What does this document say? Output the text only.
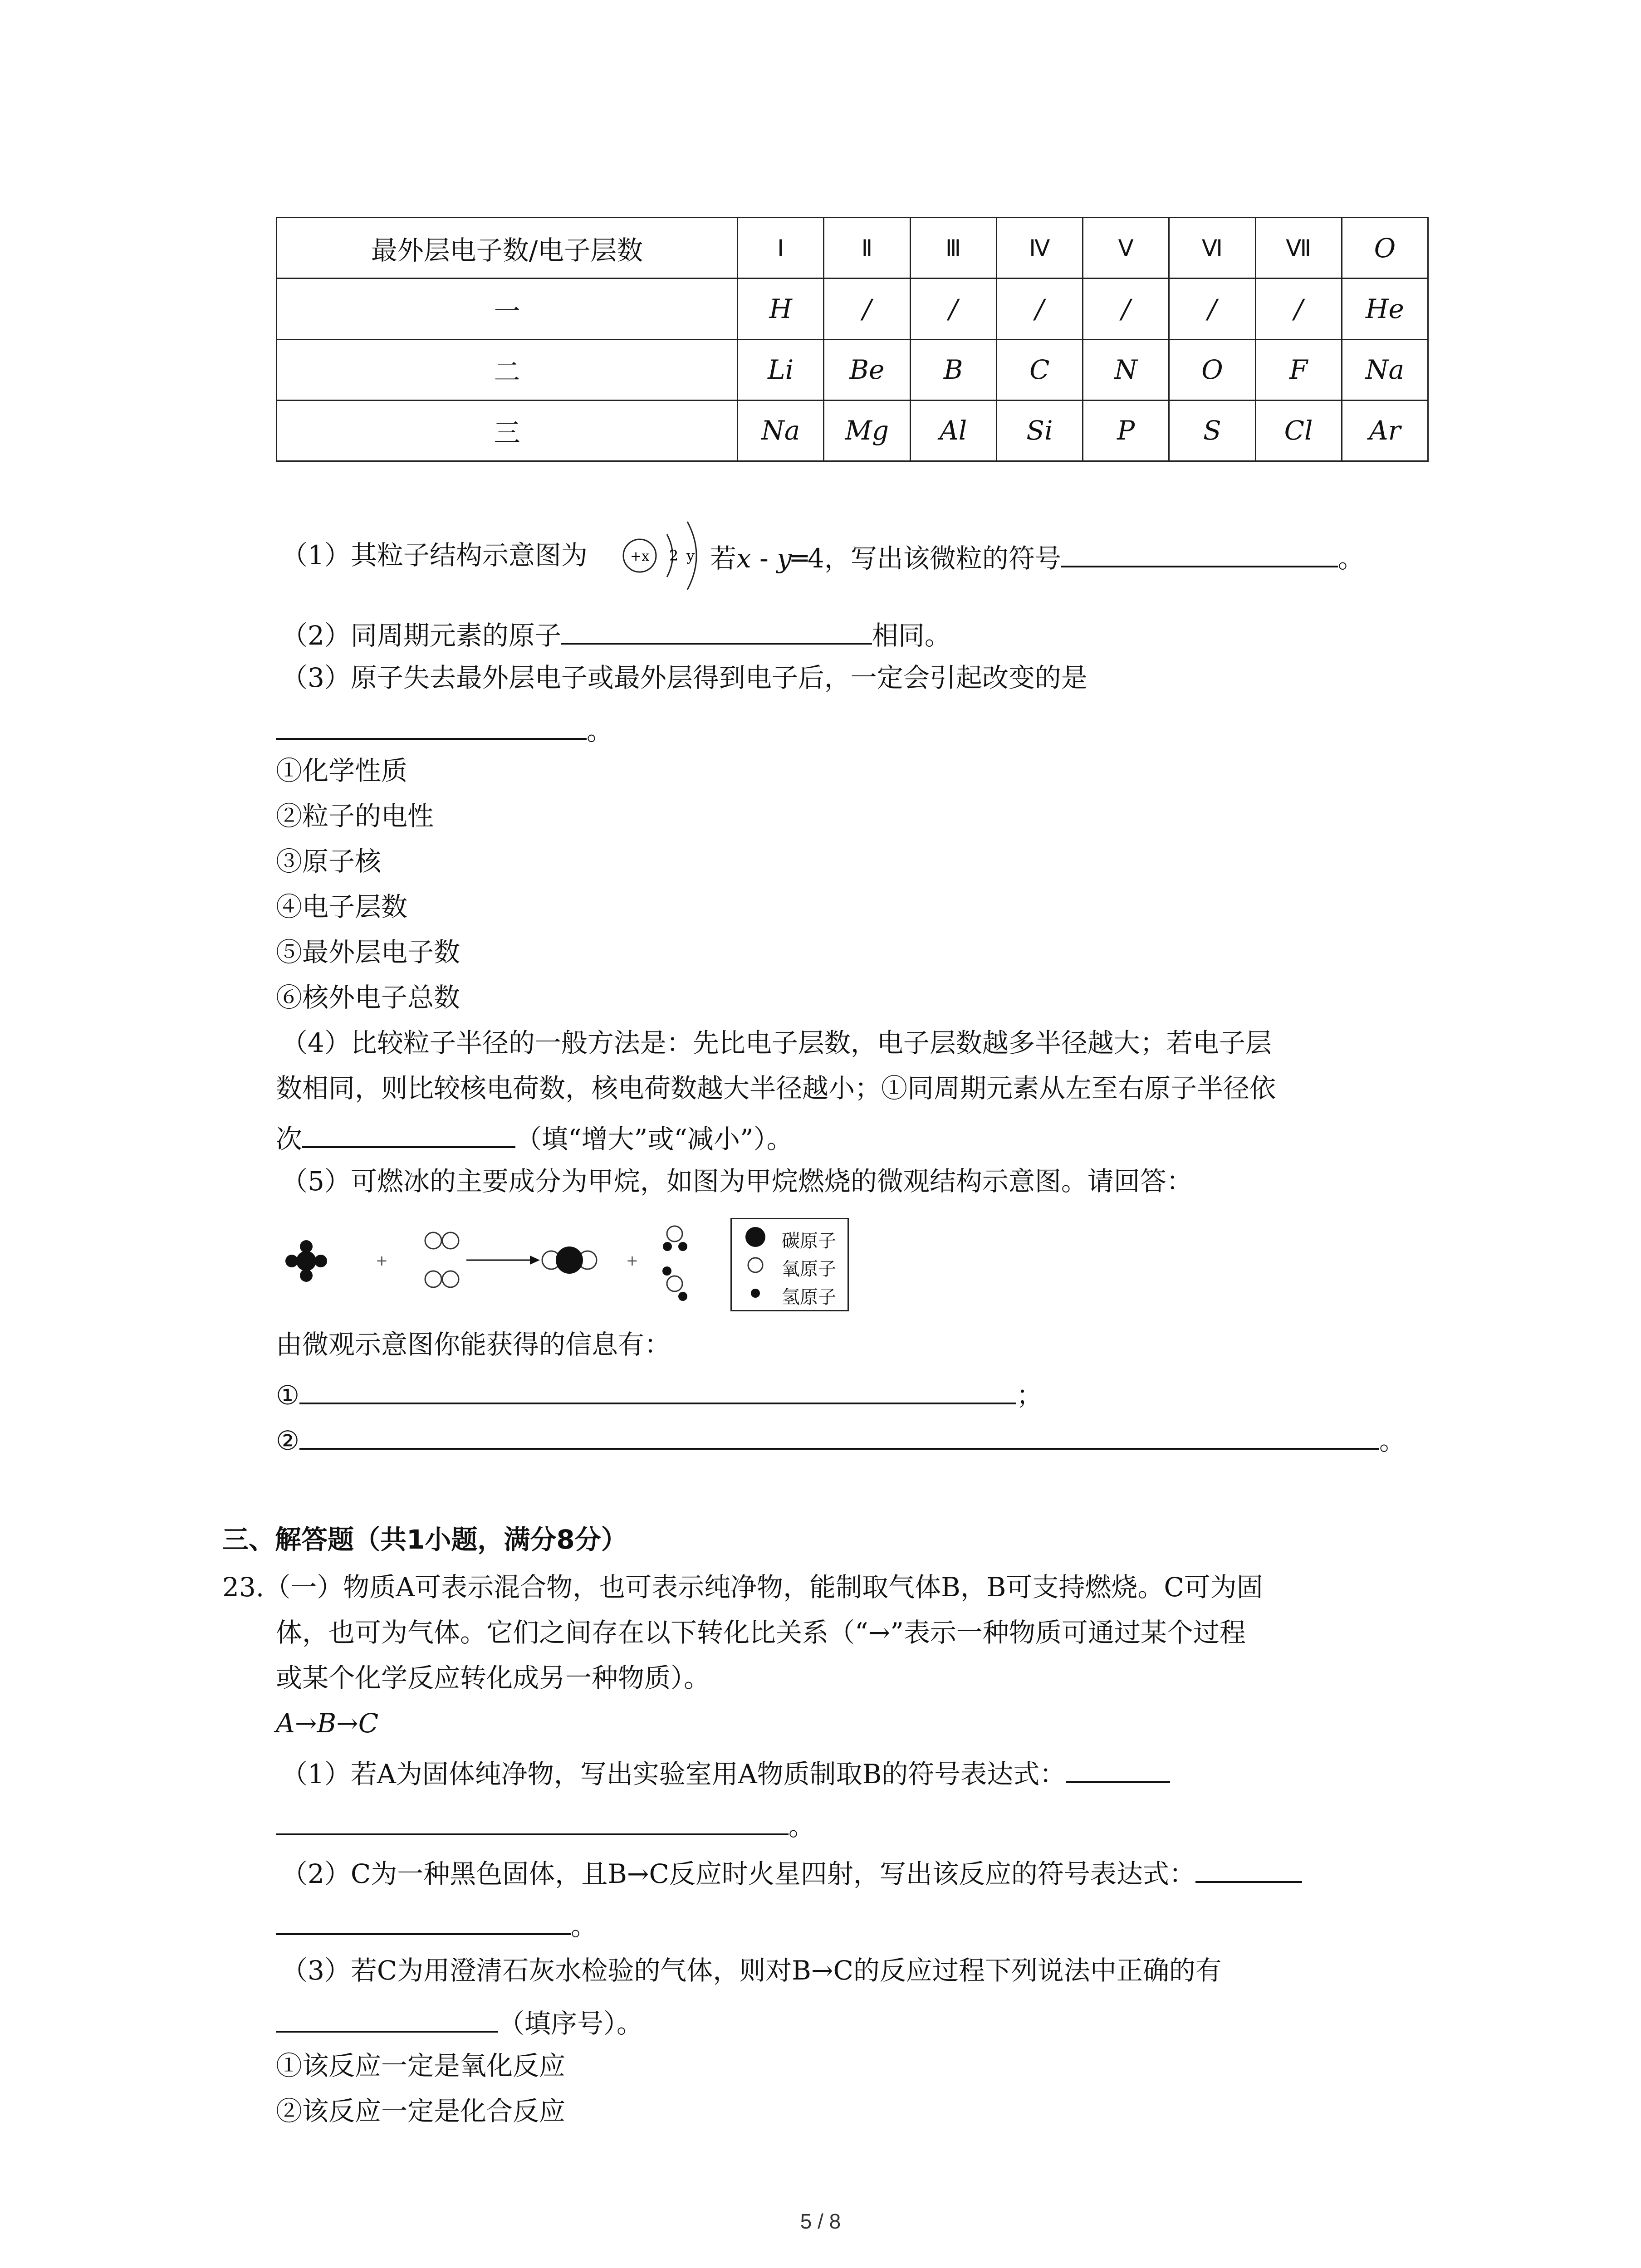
最外层电子数/电子层数	Ⅰ	Ⅱ	Ⅲ	Ⅳ	Ⅴ	Ⅵ	Ⅶ	O
一	H	/	/	/	/	/	/	He
二	Li	Be	B	C	N	O	F	Na
三	Na	Mg	Al	Si	P	S	Cl	Ar
（1）其粒子结构示意图为	+x 2 y 若x - y═4，写出该微粒的符号	。
（2）同周期元素的原子	相同。
（3）原子失去最外层电子或最外层得到电子后，一定会引起改变的是
。
①化学性质
②粒子的电性
③原子核
④电子层数
⑤最外层电子数
⑥核外电子总数
（4）比较粒子半径的一般方法是：先比电子层数，电子层数越多半径越大；若电子层
数相同，则比较核电荷数，核电荷数越大半径越小；①同周期元素从左至右原子半径依
次	（填“增大”或“减小”）。
（5）可燃冰的主要成分为甲烷，如图为甲烷燃烧的微观结构示意图。请回答：
+	+
碳原子
氧原子
氢原子
由微观示意图你能获得的信息有：
①	；
②	。
三、解答题（共1小题，满分8分）
23.（一）物质A可表示混合物，也可表示纯净物，能制取气体B，B可支持燃烧。C可为固
体，也可为气体。它们之间存在以下转化比关系（“→”表示一种物质可通过某个过程
或某个化学反应转化成另一种物质）。
A→B→C
（1）若A为固体纯净物，写出实验室用A物质制取B的符号表达式：
。
（2）C为一种黑色固体，且B→C反应时火星四射，写出该反应的符号表达式：
。
（3）若C为用澄清石灰水检验的气体，则对B→C的反应过程下列说法中正确的有
（填序号）。
①该反应一定是氧化反应
②该反应一定是化合反应
5 / 8
